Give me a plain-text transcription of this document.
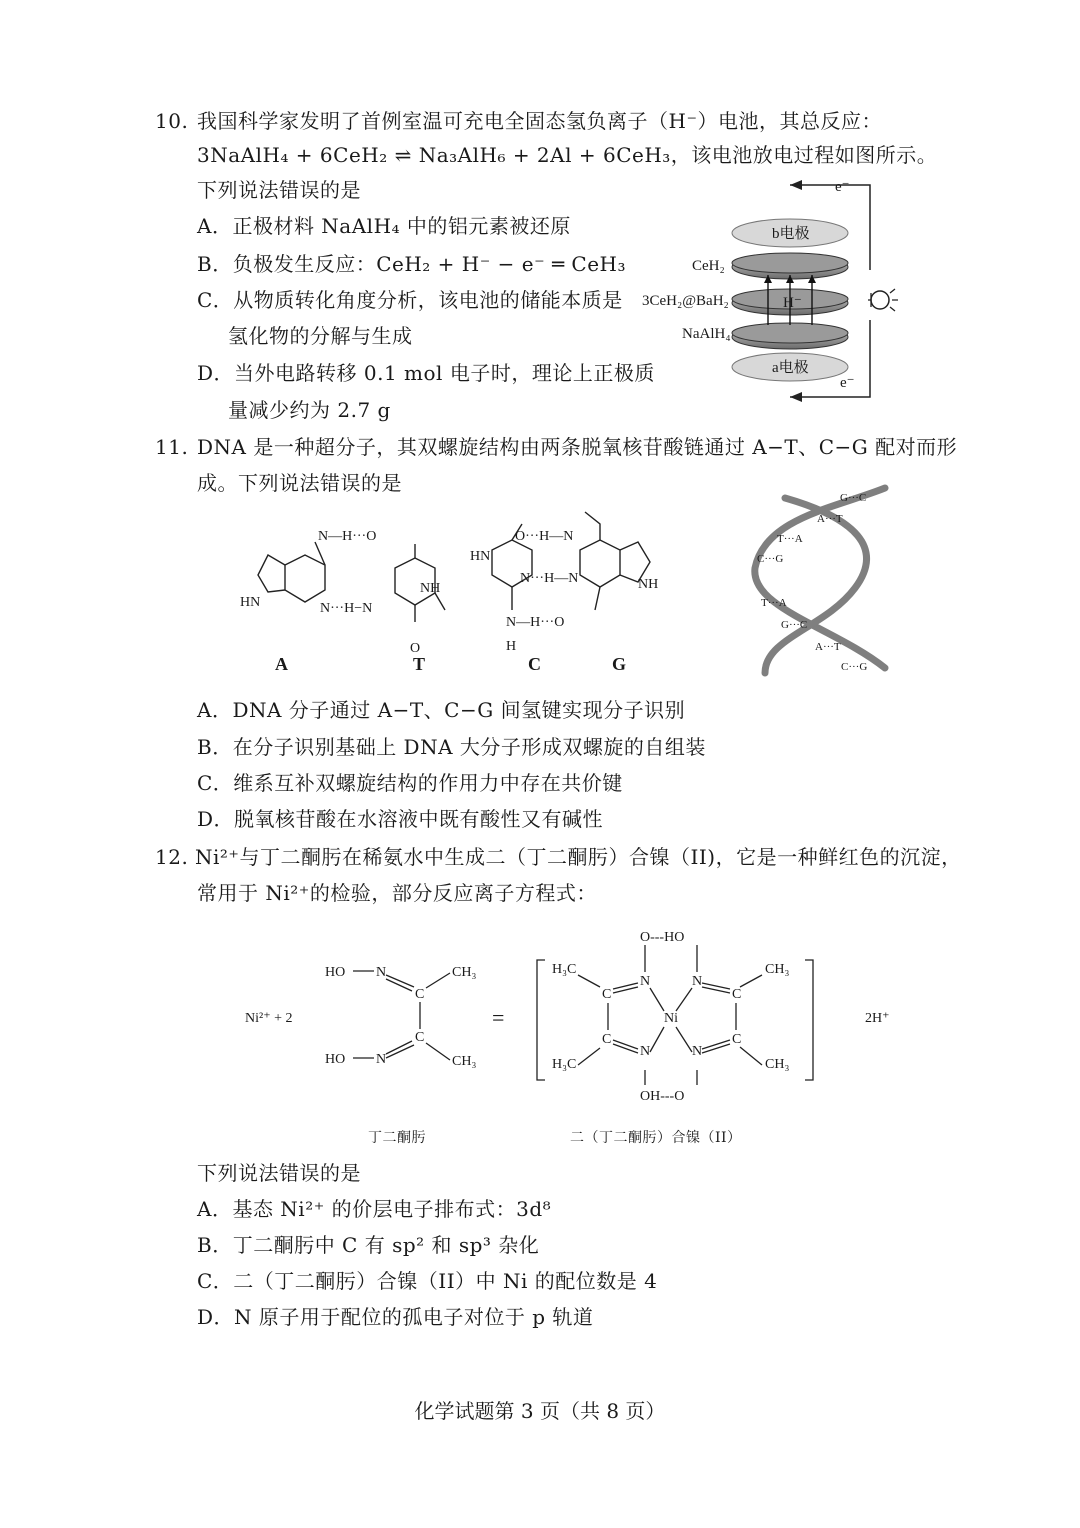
10. 我国科学家发明了首例室温可充电全固态氢负离子（H⁻）电池，其总反应：
3NaAlH₄ + 6CeH₂ ⇌ Na₃AlH₆ + 2Al + 6CeH₃，该电池放电过程如图所示。
下列说法错误的是
A．正极材料 NaAlH₄ 中的铝元素被还原
B．负极发生反应：CeH₂ + H⁻ − e⁻ ═ CeH₃
C．从物质转化角度分析，该电池的储能本质是
氢化物的分解与生成
D．当外电路转移 0.1 mol 电子时，理论上正极质
量减少约为 2.7 g
e⁻
e⁻
b电极
H⁻
a电极
CeH₂
3CeH₂@BaH₂
NaAlH₄
11. DNA 是一种超分子，其双螺旋结构由两条脱氧核苷酸链通过 A−T、C−G 配对而形
成。下列说法错误的是
N—H···O
HN	N···H−N
NH
O
O···H—N
HN
N···H—N
N—H···O
H
NH
A	T	C	G
G···C
A···T
T···A
C···G
T···A
G···C
A···T
C···G
A．DNA 分子通过 A−T、C−G 间氢键实现分子识别
B．在分子识别基础上 DNA 大分子形成双螺旋的自组装
C．维系互补双螺旋结构的作用力中存在共价键
D．脱氧核苷酸在水溶液中既有酸性又有碱性
12. Ni²⁺与丁二酮肟在稀氨水中生成二（丁二酮肟）合镍（II)，它是一种鲜红色的沉淀，
常用于 Ni²⁺的检验，部分反应离子方程式：
Ni²⁺ + 2
HO N
C
CH₃
C
HO N	CH₃
=
O---HO
H₃C	CH₃
N	N
C	C
Ni
C	C
N	N
H₃C	CH₃
OH---O
2H⁺
丁二酮肟	二（丁二酮肟）合镍（II）
下列说法错误的是
A．基态 Ni²⁺ 的价层电子排布式：3d⁸
B．丁二酮肟中 C 有 sp² 和 sp³ 杂化
C．二（丁二酮肟）合镍（II）中 Ni 的配位数是 4
D．N 原子用于配位的孤电子对位于 p 轨道
化学试题第 3 页（共 8 页）
